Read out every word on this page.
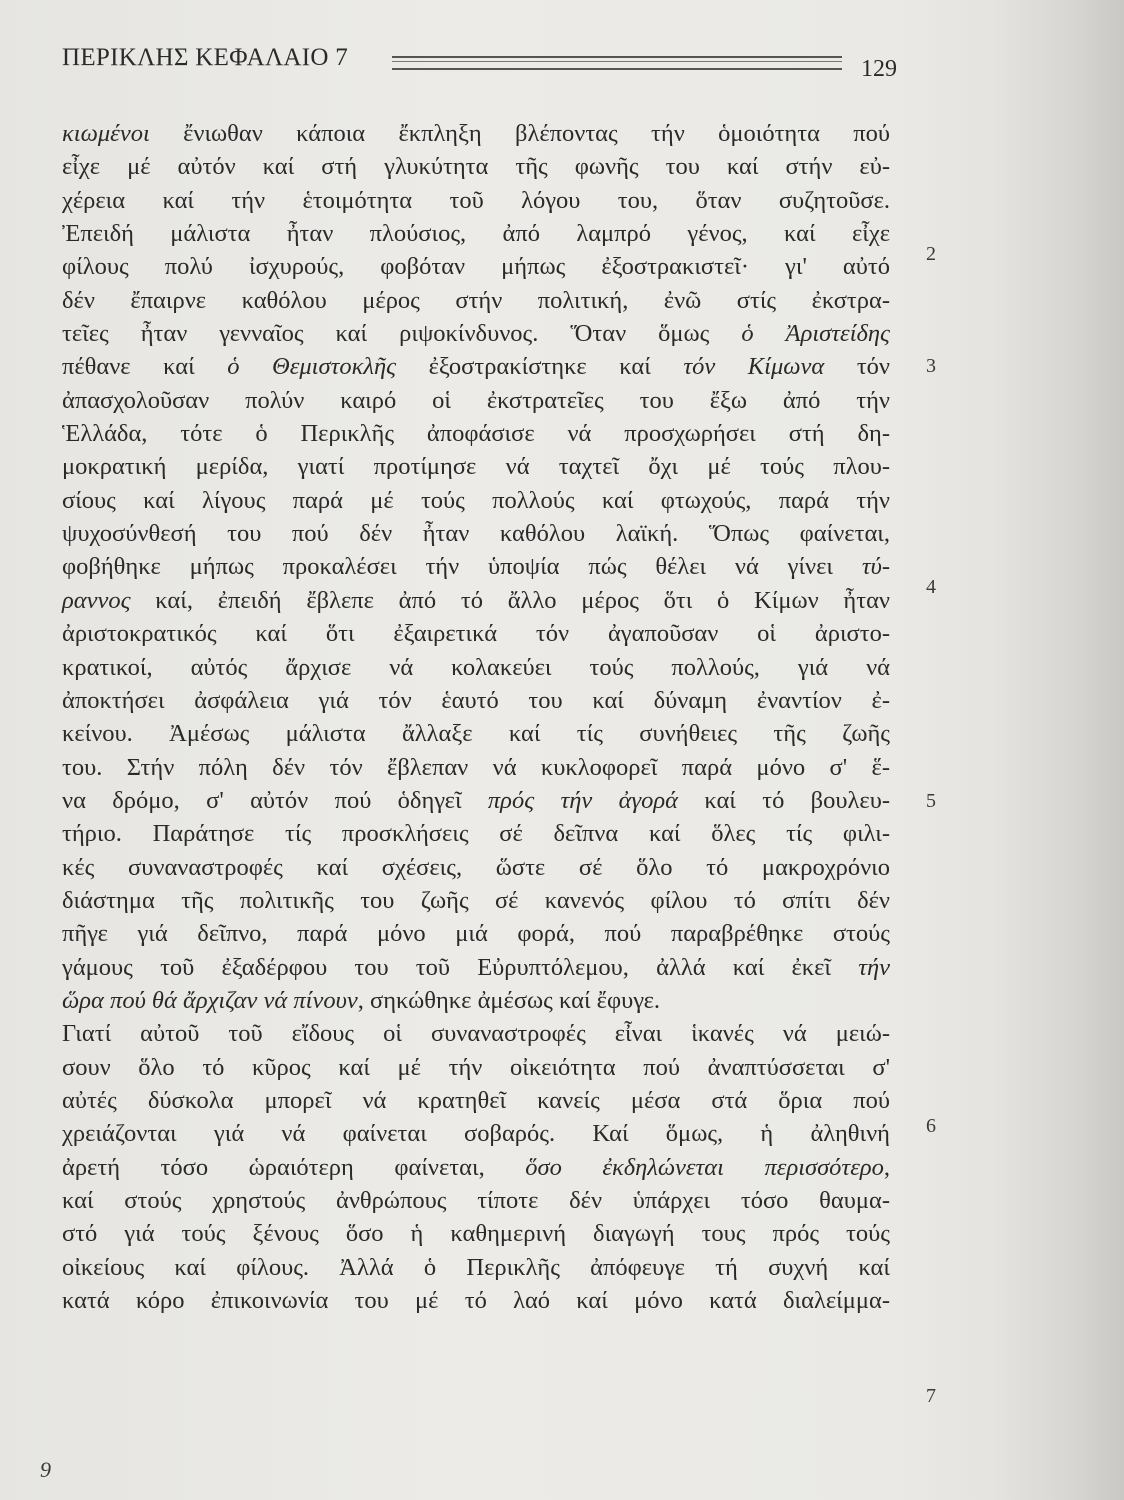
ΠΕΡΙΚΛΗΣ ΚΕΦΑΛΑΙΟ 7	129
κιωμένοι ἔνιωθαν κάποια ἔκπληξη βλέποντας τήν ὁμοιότητα πού
εἶχε μέ αὐτόν καί στή γλυκύτητα τῆς φωνῆς του καί στήν εὐ-
χέρεια καί τήν ἑτοιμότητα τοῦ λόγου του, ὅταν συζητοῦσε.
Ἐπειδή μάλιστα ἦταν πλούσιος, ἀπό λαμπρό γένος, καί εἶχε
φίλους πολύ ἰσχυρούς, φοβόταν μήπως ἐξοστρακιστεῖ· γι' αὐτό
δέν ἔπαιρνε καθόλου μέρος στήν πολιτική, ἐνῶ στίς ἐκστρα-
τεῖες ἦταν γενναῖος καί ριψοκίνδυνος. Ὅταν ὅμως ὁ Ἀριστείδης
πέθανε καί ὁ Θεμιστοκλῆς ἐξοστρακίστηκε καί τόν Κίμωνα τόν
ἀπασχολοῦσαν πολύν καιρό οἱ ἐκστρατεῖες του ἔξω ἀπό τήν
Ἑλλάδα, τότε ὁ Περικλῆς ἀποφάσισε νά προσχωρήσει στή δη-
μοκρατική μερίδα, γιατί προτίμησε νά ταχτεῖ ὄχι μέ τούς πλου-
σίους καί λίγους παρά μέ τούς πολλούς καί φτωχούς, παρά τήν
ψυχοσύνθεσή του πού δέν ἦταν καθόλου λαϊκή. Ὅπως φαίνεται,
φοβήθηκε μήπως προκαλέσει τήν ὑποψία πώς θέλει νά γίνει τύ-
ραννος καί, ἐπειδή ἔβλεπε ἀπό τό ἄλλο μέρος ὅτι ὁ Κίμων ἦταν
ἀριστοκρατικός καί ὅτι ἐξαιρετικά τόν ἀγαποῦσαν οἱ ἀριστο-
κρατικοί, αὐτός ἄρχισε νά κολακεύει τούς πολλούς, γιά νά
ἀποκτήσει ἀσφάλεια γιά τόν ἑαυτό του καί δύναμη ἐναντίον ἐ-
κείνου. Ἀμέσως μάλιστα ἄλλαξε καί τίς συνήθειες τῆς ζωῆς
του. Στήν πόλη δέν τόν ἔβλεπαν νά κυκλοφορεῖ παρά μόνο σ' ἕ-
να δρόμο, σ' αὐτόν πού ὁδηγεῖ πρός τήν ἀγορά καί τό βουλευ-
τήριο. Παράτησε τίς προσκλήσεις σέ δεῖπνα καί ὅλες τίς φιλι-
κές συναναστροφές καί σχέσεις, ὥστε σέ ὅλο τό μακροχρόνιο
διάστημα τῆς πολιτικῆς του ζωῆς σέ κανενός φίλου τό σπίτι δέν
πῆγε γιά δεῖπνο, παρά μόνο μιά φορά, πού παραβρέθηκε στούς
γάμους τοῦ ἐξαδέρφου του τοῦ Εὐρυπτόλεμου, ἀλλά καί ἐκεῖ τήν
ὥρα πού θά ἄρχιζαν νά πίνουν, σηκώθηκε ἀμέσως καί ἔφυγε.
Γιατί αὐτοῦ τοῦ εἴδους οἱ συναναστροφές εἶναι ἱκανές νά μειώ-
σουν ὅλο τό κῦρος καί μέ τήν οἰκειότητα πού ἀναπτύσσεται σ'
αὐτές δύσκολα μπορεῖ νά κρατηθεῖ κανείς μέσα στά ὅρια πού
χρειάζονται γιά νά φαίνεται σοβαρός. Καί ὅμως, ἡ ἀληθινή
ἀρετή τόσο ὡραιότερη φαίνεται, ὅσο ἐκδηλώνεται περισσότερο,
καί στούς χρηστούς ἀνθρώπους τίποτε δέν ὑπάρχει τόσο θαυμα-
στό γιά τούς ξένους ὅσο ἡ καθημερινή διαγωγή τους πρός τούς
οἰκείους καί φίλους. Ἀλλά ὁ Περικλῆς ἀπόφευγε τή συχνή καί
κατά κόρο ἐπικοινωνία του μέ τό λαό καί μόνο κατά διαλείμμα-
2
3
4
5
6
7
9
